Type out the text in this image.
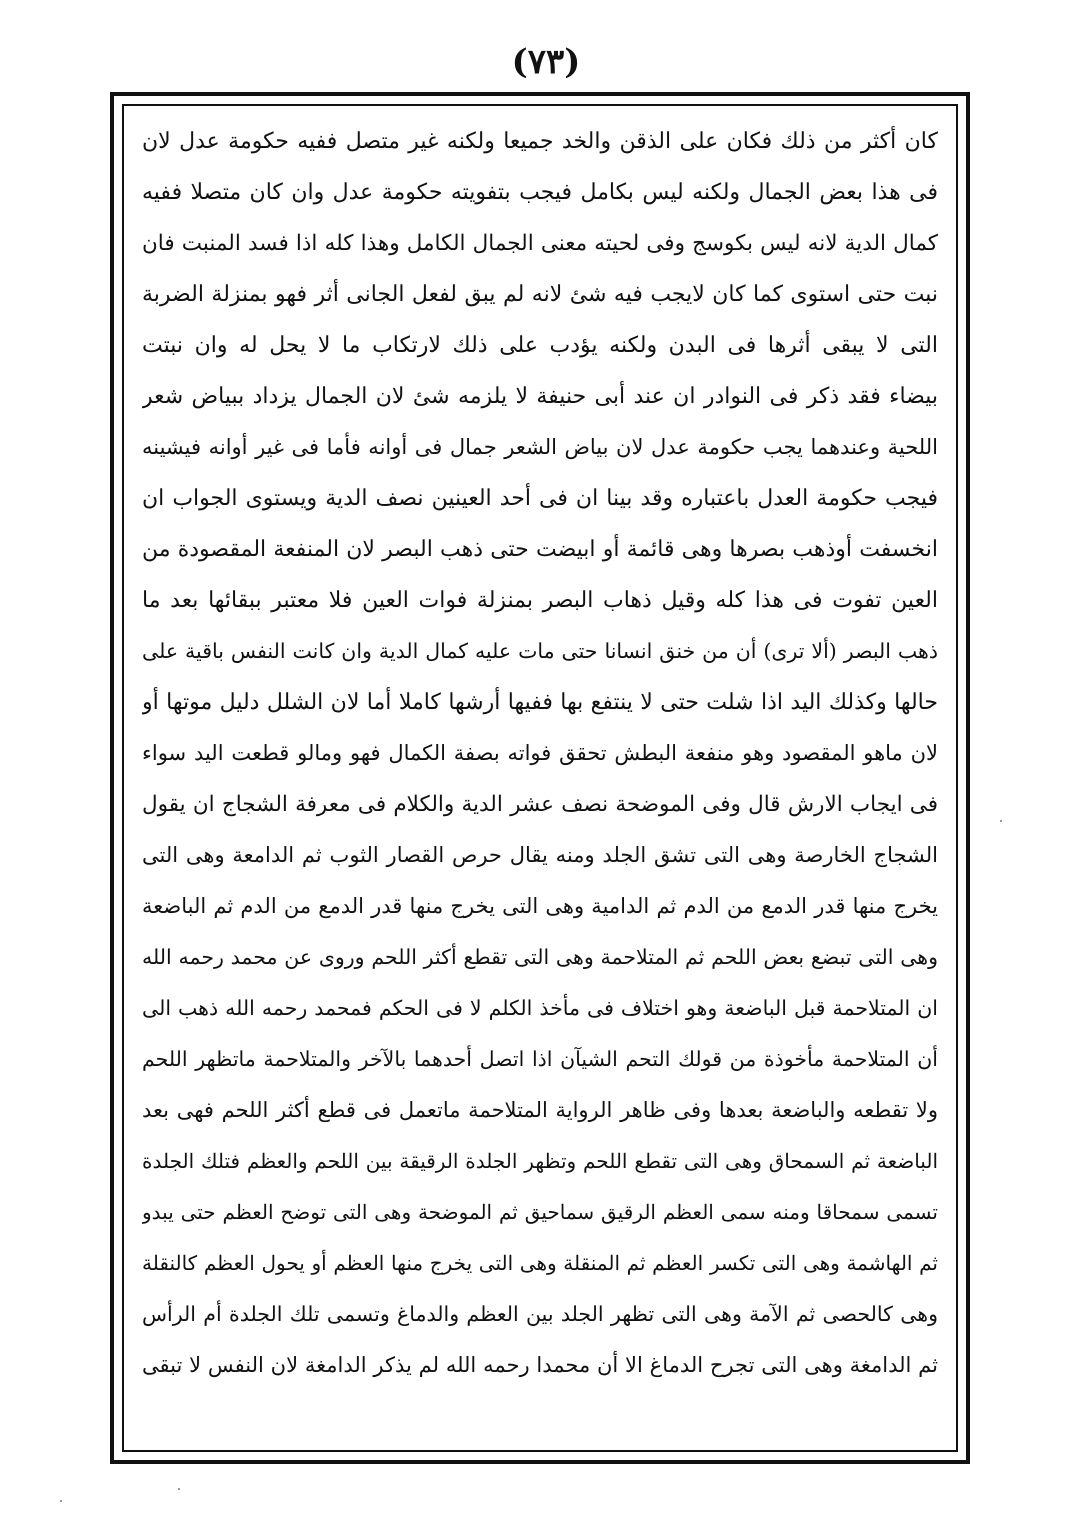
(٧٣)
كان أكثر من ذلك فكان على الذقن والخد جميعا ولكنه غير متصل ففيه حكومة عدل لان
فى هذا بعض الجمال ولكنه ليس بكامل فيجب بتفويته حكومة عدل وان كان متصلا ففيه
كمال الدية لانه ليس بكوسج وفى لحيته معنى الجمال الكامل وهذا كله اذا فسد المنبت فان
نبت حتى استوى كما كان لايجب فيه شئ لانه لم يبق لفعل الجانى أثر فهو بمنزلة الضربة
التى لا يبقى أثرها فى البدن ولكنه يؤدب على ذلك لارتكاب ما لا يحل له وان نبتت
بيضاء فقد ذكر فى النوادر ان عند أبى حنيفة لا يلزمه شئ لان الجمال يزداد ببياض شعر
اللحية وعندهما يجب حكومة عدل لان بياض الشعر جمال فى أوانه فأما فى غير أوانه فيشينه
فيجب حكومة العدل باعتباره وقد بينا ان فى أحد العينين نصف الدية ويستوى الجواب ان
انخسفت أوذهب بصرها وهى قائمة أو ابيضت حتى ذهب البصر لان المنفعة المقصودة من
العين تفوت فى هذا كله وقيل ذهاب البصر بمنزلة فوات العين فلا معتبر ببقائها بعد ما
ذهب البصر (ألا ترى) أن من خنق انسانا حتى مات عليه كمال الدية وان كانت النفس باقية على
حالها وكذلك اليد اذا شلت حتى لا ينتفع بها ففيها أرشها كاملا أما لان الشلل دليل موتها أو
لان ماهو المقصود وهو منفعة البطش تحقق فواته بصفة الكمال فهو ومالو قطعت اليد سواء
فى ايجاب الارش قال وفى الموضحة نصف عشر الدية والكلام فى معرفة الشجاج ان يقول
الشجاج الخارصة وهى التى تشق الجلد ومنه يقال حرص القصار الثوب ثم الدامعة وهى التى
يخرج منها قدر الدمع من الدم ثم الدامية وهى التى يخرج منها قدر الدمع من الدم ثم الباضعة
وهى التى تبضع بعض اللحم ثم المتلاحمة وهى التى تقطع أكثر اللحم وروى عن محمد رحمه الله
ان المتلاحمة قبل الباضعة وهو اختلاف فى مأخذ الكلم لا فى الحكم فمحمد رحمه الله ذهب الى
أن المتلاحمة مأخوذة من قولك التحم الشيآن اذا اتصل أحدهما بالآخر والمتلاحمة ماتظهر اللحم
ولا تقطعه والباضعة بعدها وفى ظاهر الرواية المتلاحمة ماتعمل فى قطع أكثر اللحم فهى بعد
الباضعة ثم السمحاق وهى التى تقطع اللحم وتظهر الجلدة الرقيقة بين اللحم والعظم فتلك الجلدة
تسمى سمحاقا ومنه سمى العظم الرقيق سماحيق ثم الموضحة وهى التى توضح العظم حتى يبدو
ثم الهاشمة وهى التى تكسر العظم ثم المنقلة وهى التى يخرج منها العظم أو يحول العظم كالنقلة
وهى كالحصى ثم الآمة وهى التى تظهر الجلد بين العظم والدماغ وتسمى تلك الجلدة أم الرأس
ثم الدامغة وهى التى تجرح الدماغ الا أن محمدا رحمه الله لم يذكر الدامغة لان النفس لا تبقى
